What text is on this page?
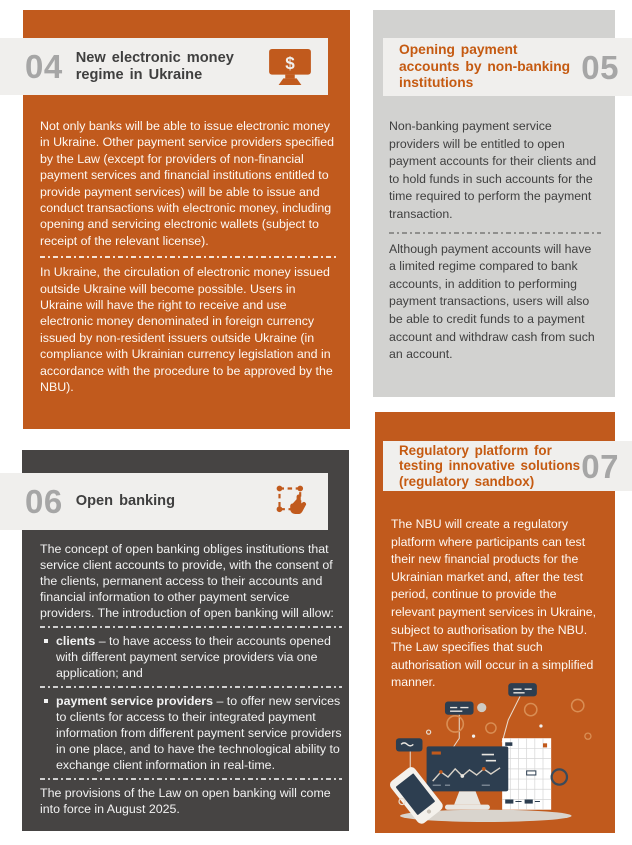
Not only banks will be able to issue electronic money in Ukraine. Other payment service providers specified by the Law (except for providers of non-financial payment services and financial institutions entitled to provide payment services) will be able to issue and conduct transactions with electronic money, including opening and servicing electronic wallets (subject to receipt of the relevant license).

In Ukraine, the circulation of electronic money issued outside Ukraine will become possible. Users in Ukraine will have the right to receive and use electronic money denominated in foreign currency issued by non-resident issuers outside Ukraine (in compliance with Ukrainian currency legislation and in accordance with the procedure to be approved by the NBU).

04 New electronic money regime in Ukraine
$

Non-banking payment service providers will be entitled to open payment accounts for their clients and to hold funds in such accounts for the time required to perform the payment transaction.

Although payment accounts will have a limited regime compared to bank accounts, in addition to performing payment transactions, users will also be able to credit funds to a payment account and withdraw cash from such an account.

Opening payment accounts by non-banking institutions	05

The concept of open banking obliges institutions that service client accounts to provide, with the consent of the clients, permanent access to their accounts and financial information to other payment service providers. The introduction of open banking will allow:

clients – to have access to their accounts opened with different payment service providers via one application; and

payment service providers – to offer new services to clients for access to their integrated payment information from different payment service providers in one place, and to have the technological ability to exchange client information in real-time.

The provisions of the Law on open banking will come into force in August 2025.

06 Open banking

The NBU will create a regulatory platform where participants can test their new financial products for the Ukrainian market and, after the test period, continue to provide the relevant payment services in Ukraine, subject to authorisation by the NBU. The Law specifies that such authorisation will occur in a simplified manner.

Regulatory platform for testing innovative solutions (regulatory sandbox)	07
